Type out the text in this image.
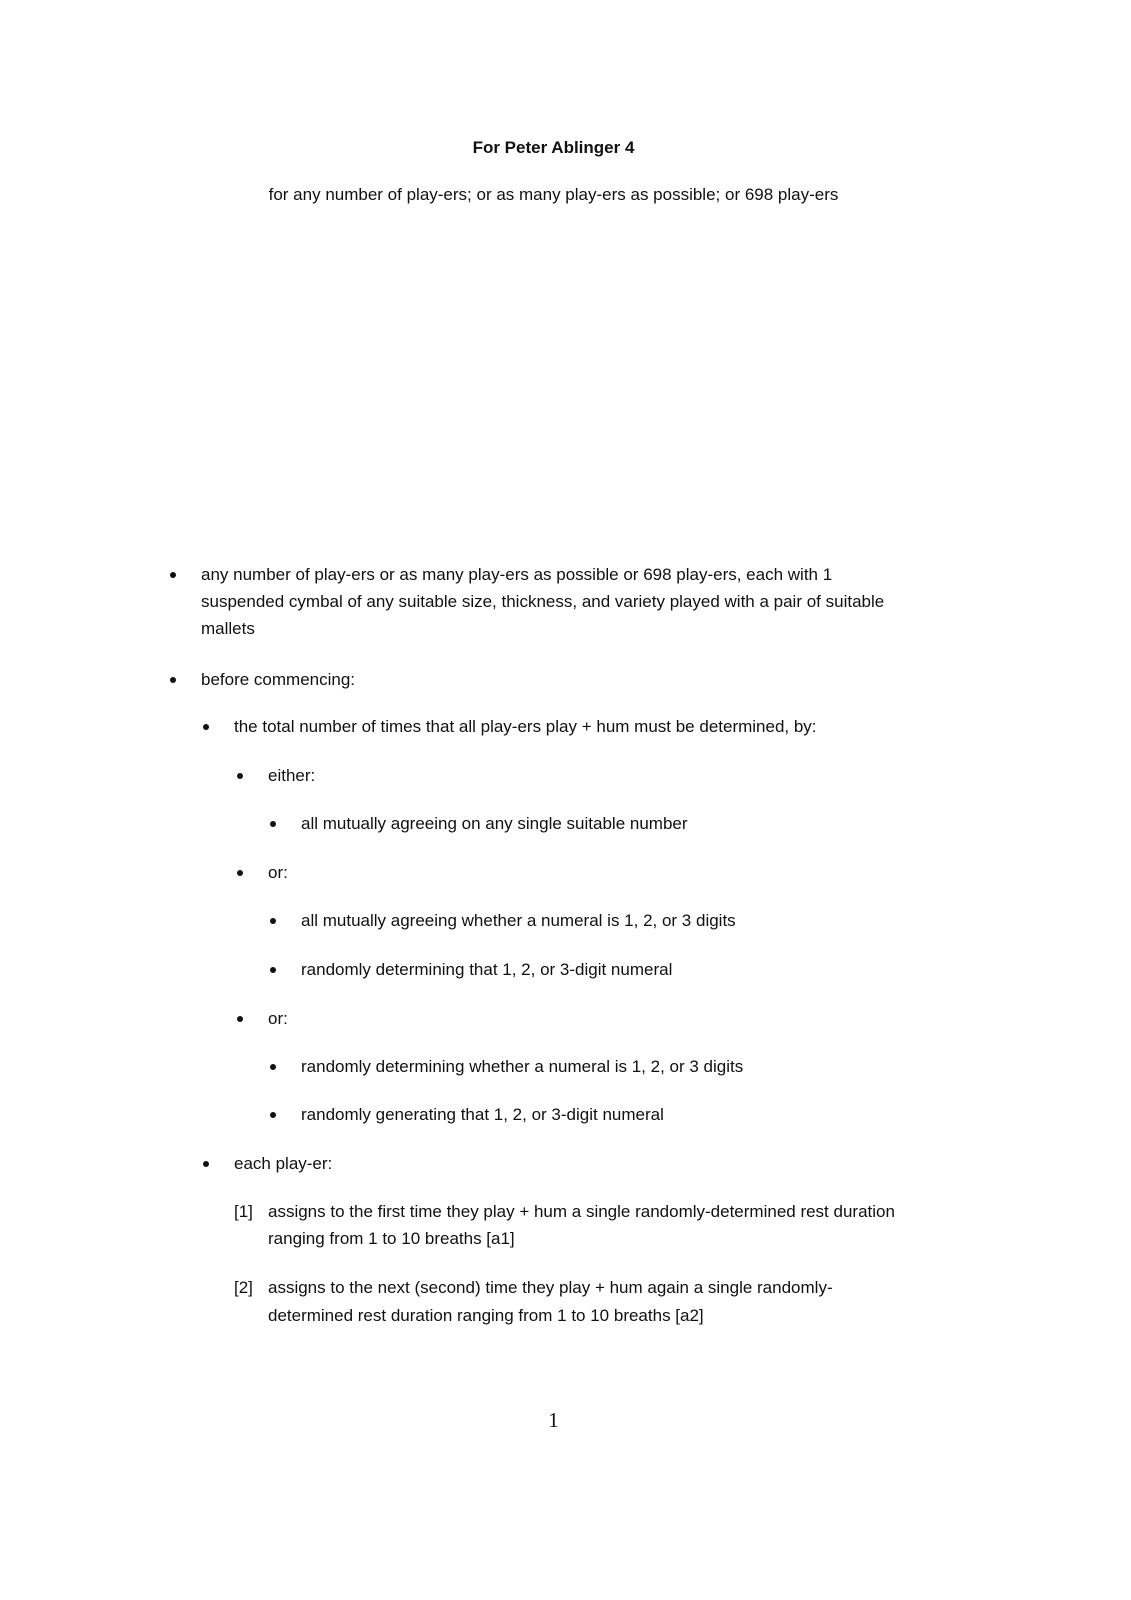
For Peter Ablinger 4
for any number of play-ers; or as many play-ers as possible; or 698 play-ers
any number of play-ers or as many play-ers as possible or 698 play-ers, each with 1
suspended cymbal of any suitable size, thickness, and variety played with a pair of suitable
mallets
before commencing:
the total number of times that all play-ers play + hum must be determined, by:
either:
all mutually agreeing on any single suitable number
or:
all mutually agreeing whether a numeral is 1, 2, or 3 digits
randomly determining that 1, 2, or 3-digit numeral
or:
randomly determining whether a numeral is 1, 2, or 3 digits
randomly generating that 1, 2, or 3-digit numeral
each play-er:
[1] assigns to the first time they play + hum a single randomly-determined rest duration
ranging from 1 to 10 breaths [a1]
[2] assigns to the next (second) time they play + hum again a single randomly-
determined rest duration ranging from 1 to 10 breaths [a2]
1
